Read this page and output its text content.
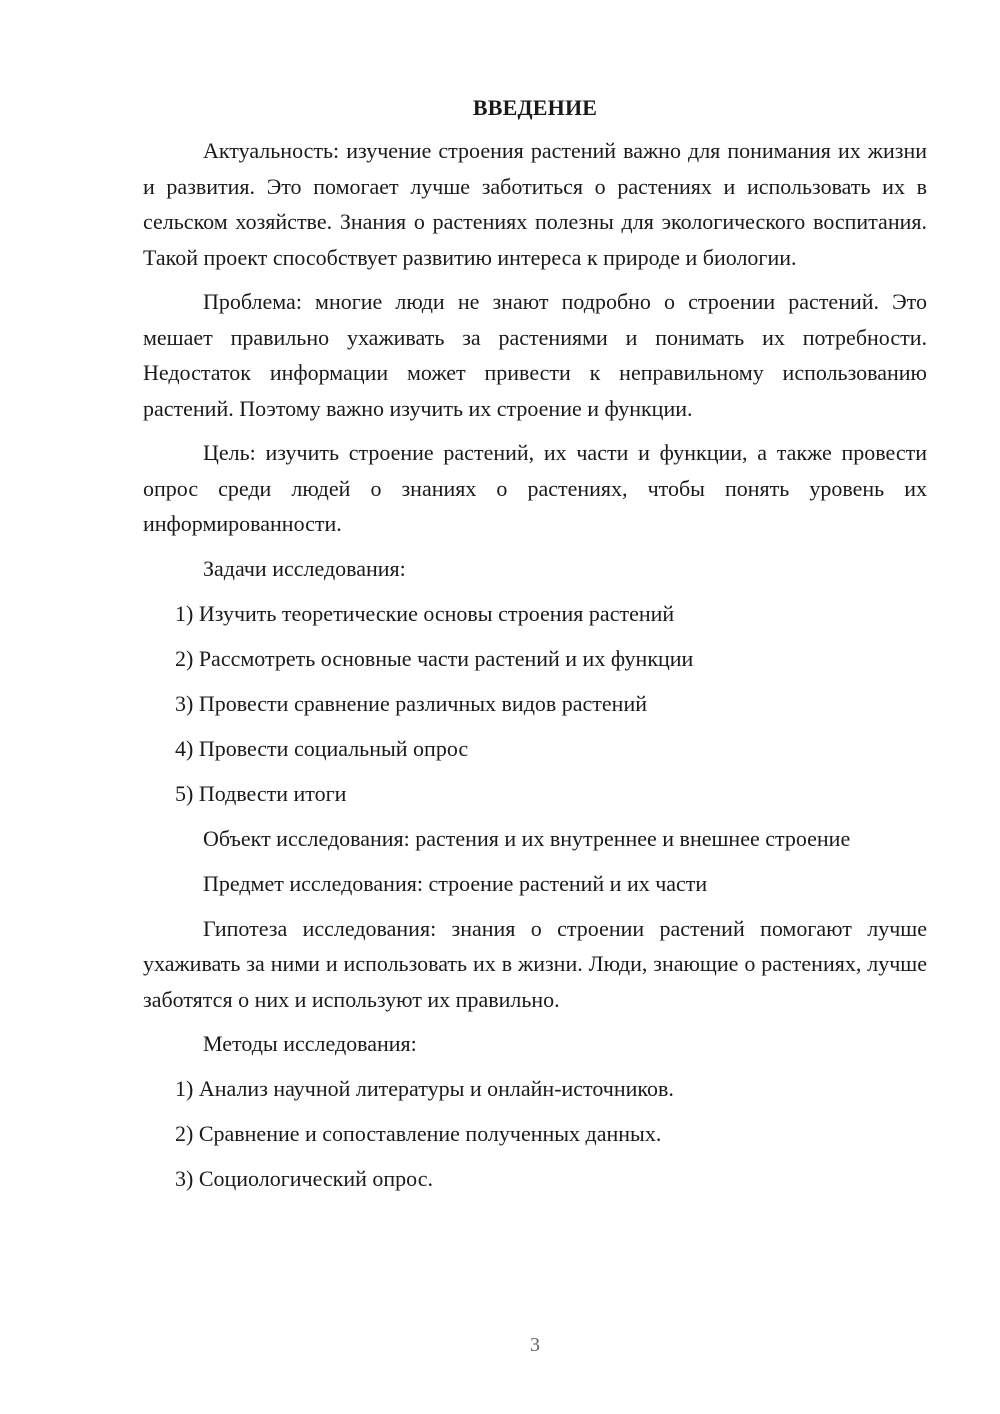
ВВЕДЕНИЕ

Актуальность: изучение строения растений важно для понимания их жизни и развития. Это помогает лучше заботиться о растениях и использовать их в сельском хозяйстве. Знания о растениях полезны для экологического воспитания. Такой проект способствует развитию интереса к природе и биологии.

Проблема: многие люди не знают подробно о строении растений. Это мешает правильно ухаживать за растениями и понимать их потребности. Недостаток информации может привести к неправильному использованию растений. Поэтому важно изучить их строение и функции.

Цель: изучить строение растений, их части и функции, а также провести опрос среди людей о знаниях о растениях, чтобы понять уровень их информированности.

Задачи исследования:
1) Изучить теоретические основы строения растений
2) Рассмотреть основные части растений и их функции
3) Провести сравнение различных видов растений
4) Провести социальный опрос
5) Подвести итоги
Объект исследования: растения и их внутреннее и внешнее строение
Предмет исследования: строение растений и их части

Гипотеза исследования: знания о строении растений помогают лучше ухаживать за ними и использовать их в жизни. Люди, знающие о растениях, лучше заботятся о них и используют их правильно.

Методы исследования:
1) Анализ научной литературы и онлайн-источников.
2) Сравнение и сопоставление полученных данных.
3) Социологический опрос.
3
